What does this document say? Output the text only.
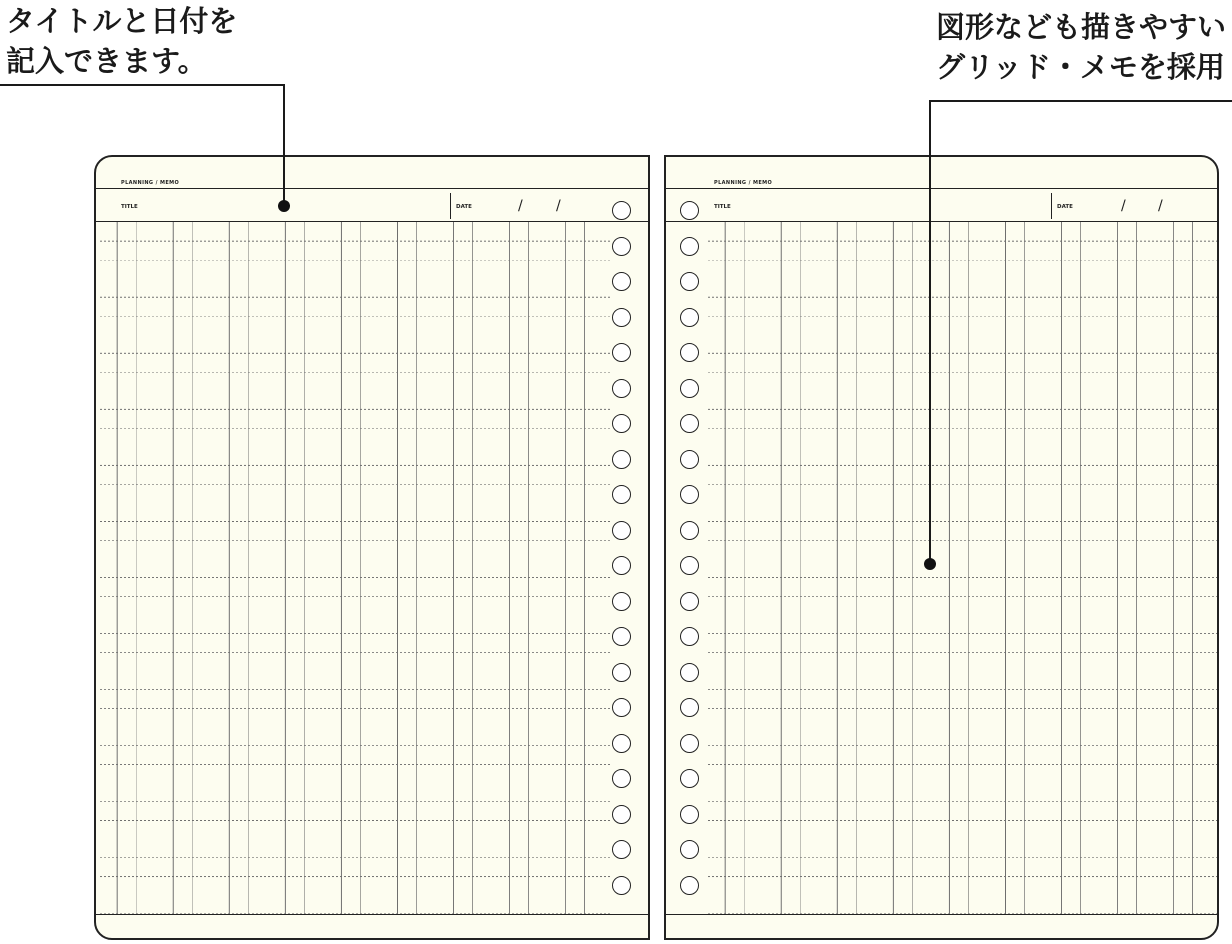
タイトルと日付を
記入できます。
図形なども描きやすい
グリッド・メモを採用
PLANNING / MEMO
TITLE	DATE	/ /
PLANNING / MEMO
TITLE	DATE	/ /
